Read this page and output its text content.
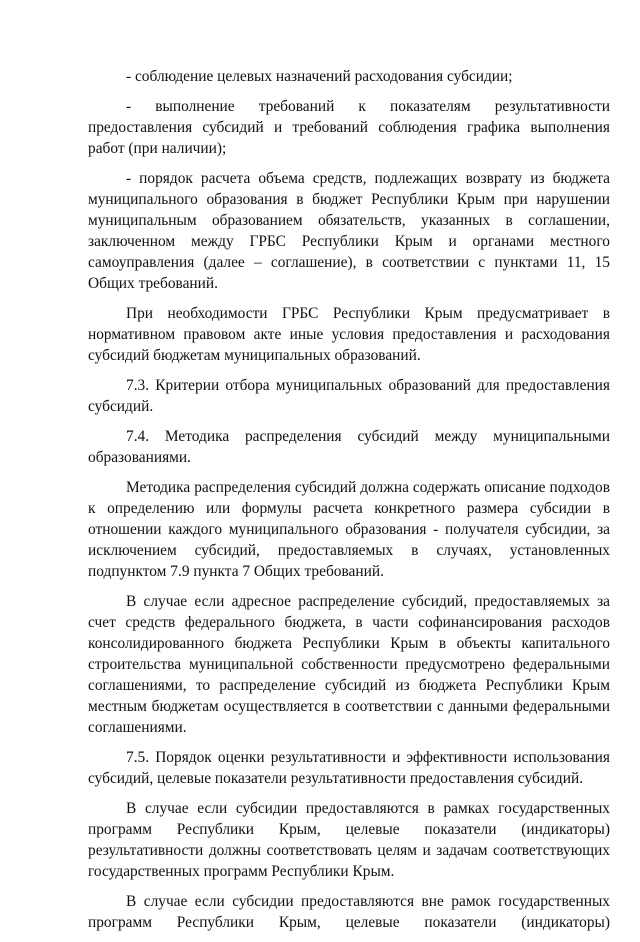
- соблюдение целевых назначений расходования субсидии;

- выполнение требований к показателям результативности предоставления субсидий и требований соблюдения графика выполнения работ (при наличии);

- порядок расчета объема средств, подлежащих возврату из бюджета муниципального образования в бюджет Республики Крым при нарушении муниципальным образованием обязательств, указанных в соглашении, заключенном между ГРБС Республики Крым и органами местного самоуправления (далее – соглашение), в соответствии с пунктами 11, 15 Общих требований.

При необходимости ГРБС Республики Крым предусматривает в нормативном правовом акте иные условия предоставления и расходования субсидий бюджетам муниципальных образований.

7.3. Критерии отбора муниципальных образований для предоставления субсидий.

7.4. Методика распределения субсидий между муниципальными образованиями.

Методика распределения субсидий должна содержать описание подходов к определению или формулы расчета конкретного размера субсидии в отношении каждого муниципального образования - получателя субсидии, за исключением субсидий, предоставляемых в случаях, установленных подпунктом 7.9 пункта 7 Общих требований.

В случае если адресное распределение субсидий, предоставляемых за счет средств федерального бюджета, в части софинансирования расходов консолидированного бюджета Республики Крым в объекты капитального строительства муниципальной собственности предусмотрено федеральными соглашениями, то распределение субсидий из бюджета Республики Крым местным бюджетам осуществляется в соответствии с данными федеральными соглашениями.

7.5. Порядок оценки результативности и эффективности использования субсидий, целевые показатели результативности предоставления субсидий.

В случае если субсидии предоставляются в рамках государственных программ Республики Крым, целевые показатели (индикаторы) результативности должны соответствовать целям и задачам соответствующих государственных программ Республики Крым.

В случае если субсидии предоставляются вне рамок государственных программ Республики Крым, целевые показатели (индикаторы)
